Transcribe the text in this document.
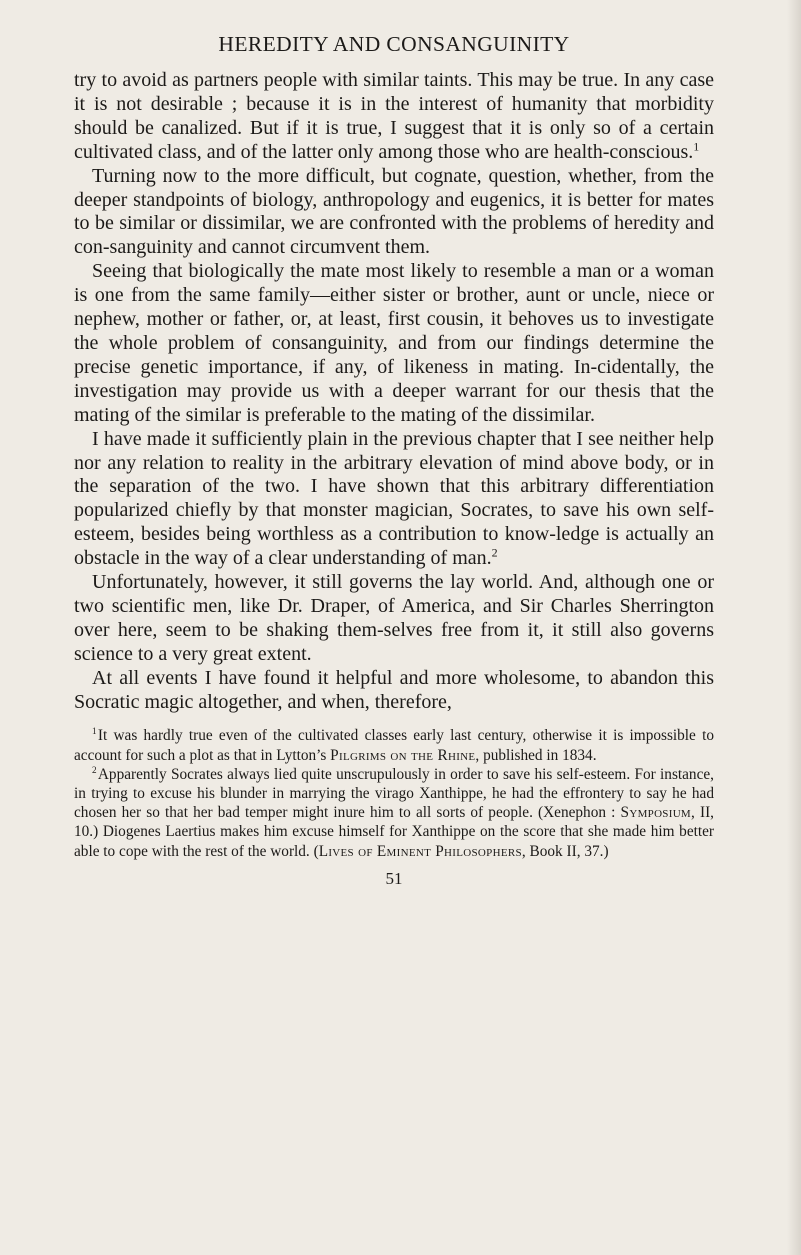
HEREDITY AND CONSANGUINITY

try to avoid as partners people with similar taints. This may be true. In any case it is not desirable ; because it is in the interest of humanity that morbidity should be canalized. But if it is true, I suggest that it is only so of a certain cultivated class, and of the latter only among those who are health-conscious.$^1$

Turning now to the more difficult, but cognate, question, whether, from the deeper standpoints of biology, anthropology and eugenics, it is better for mates to be similar or dissimilar, we are confronted with the problems of heredity and con-sanguinity and cannot circumvent them.

Seeing that biologically the mate most likely to resemble a man or a woman is one from the same family—either sister or brother, aunt or uncle, niece or nephew, mother or father, or, at least, first cousin, it behoves us to investigate the whole problem of consanguinity, and from our findings determine the precise genetic importance, if any, of likeness in mating. In-cidentally, the investigation may provide us with a deeper warrant for our thesis that the mating of the similar is preferable to the mating of the dissimilar.

I have made it sufficiently plain in the previous chapter that I see neither help nor any relation to reality in the arbitrary elevation of mind above body, or in the separation of the two. I have shown that this arbitrary differentiation popularized chiefly by that monster magician, Socrates, to save his own self-esteem, besides being worthless as a contribution to know-ledge is actually an obstacle in the way of a clear understanding of man.$^2$

Unfortunately, however, it still governs the lay world. And, although one or two scientific men, like Dr. Draper, of America, and Sir Charles Sherrington over here, seem to be shaking them-selves free from it, it still also governs science to a very great extent.

At all events I have found it helpful and more wholesome, to abandon this Socratic magic altogether, and when, therefore,

$^1$ It was hardly true even of the cultivated classes early last century, otherwise it is impossible to account for such a plot as that in Lytton’s Pilgrims on the Rhine, published in 1834.

$^2$ Apparently Socrates always lied quite unscrupulously in order to save his self-esteem. For instance, in trying to excuse his blunder in marrying the virago Xanthippe, he had the effrontery to say he had chosen her so that her bad temper might inure him to all sorts of people. (Xenephon : Symposium, II, 10.) Diogenes Laertius makes him excuse himself for Xanthippe on the score that she made him better able to cope with the rest of the world. (Lives of Eminent Philosophers, Book II, 37.)

51
